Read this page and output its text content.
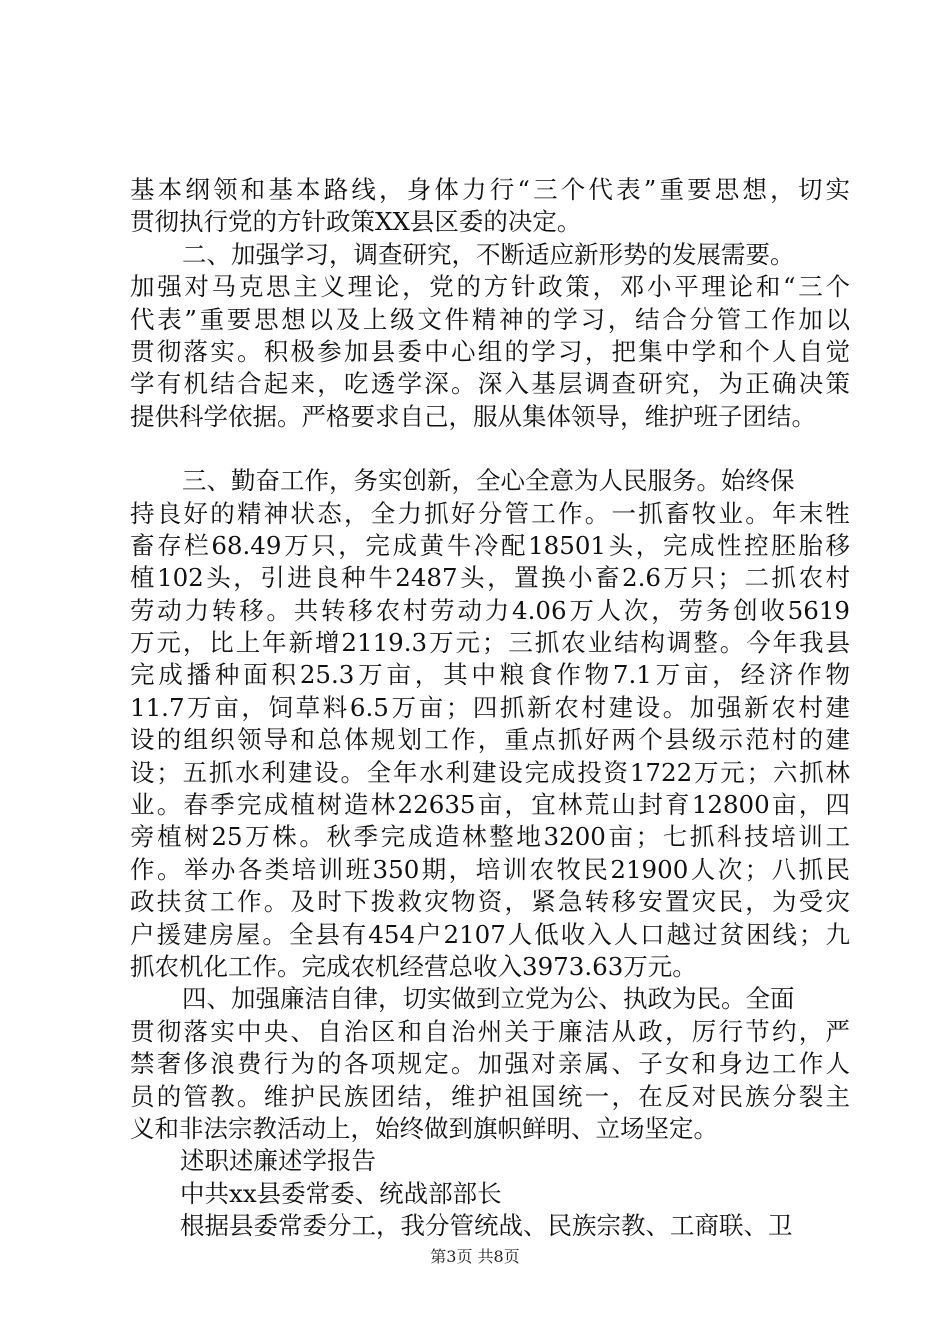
基本纲领和基本路线，身体力行“三个代表”重要思想，切实
贯彻执行党的方针政策XX县区委的决定。
二、加强学习，调查研究，不断适应新形势的发展需要。
加强对马克思主义理论，党的方针政策，邓小平理论和“三个
代表”重要思想以及上级文件精神的学习，结合分管工作加以
贯彻落实。积极参加县委中心组的学习，把集中学和个人自觉
学有机结合起来，吃透学深。深入基层调查研究，为正确决策
提供科学依据。严格要求自己，服从集体领导，维护班子团结。
三、勤奋工作，务实创新，全心全意为人民服务。始终保
持良好的精神状态，全力抓好分管工作。一抓畜牧业。年末牲
畜存栏68.49万只，完成黄牛冷配18501头，完成性控胚胎移
植102头，引进良种牛2487头，置换小畜2.6万只；二抓农村
劳动力转移。共转移农村劳动力4.06万人次，劳务创收5619
万元，比上年新增2119.3万元；三抓农业结构调整。今年我县
完成播种面积25.3万亩，其中粮食作物7.1万亩，经济作物
11.7万亩，饲草料6.5万亩；四抓新农村建设。加强新农村建
设的组织领导和总体规划工作，重点抓好两个县级示范村的建
设；五抓水利建设。全年水利建设完成投资1722万元；六抓林
业。春季完成植树造林22635亩，宜林荒山封育12800亩，四
旁植树25万株。秋季完成造林整地3200亩；七抓科技培训工
作。举办各类培训班350期，培训农牧民21900人次；八抓民
政扶贫工作。及时下拨救灾物资，紧急转移安置灾民，为受灾
户援建房屋。全县有454户2107人低收入人口越过贫困线；九
抓农机化工作。完成农机经营总收入3973.63万元。
四、加强廉洁自律，切实做到立党为公、执政为民。全面
贯彻落实中央、自治区和自治州关于廉洁从政，厉行节约，严
禁奢侈浪费行为的各项规定。加强对亲属、子女和身边工作人
员的管教。维护民族团结，维护祖国统一，在反对民族分裂主
义和非法宗教活动上，始终做到旗帜鲜明、立场坚定。
述职述廉述学报告
中共xx县委常委、统战部部长
根据县委常委分工，我分管统战、民族宗教、工商联、卫
第3页 共8页
